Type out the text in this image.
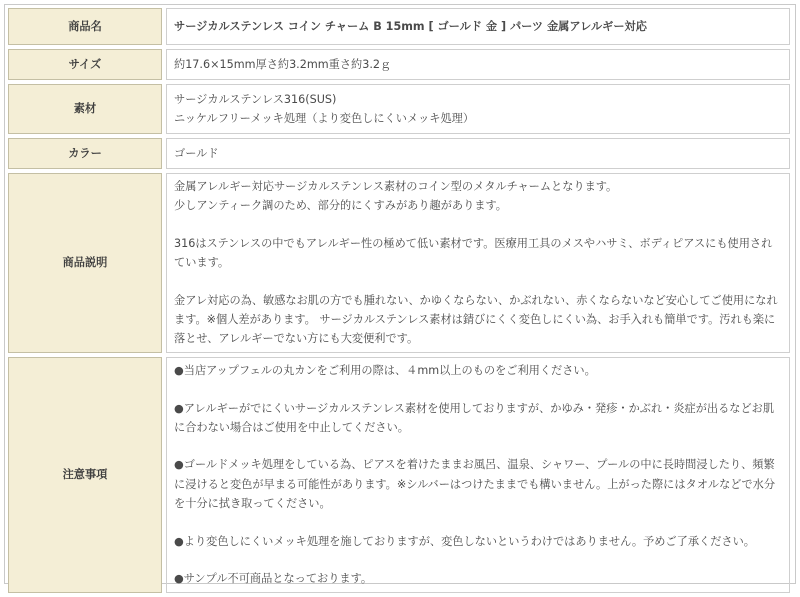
商品名	サージカルステンレス コイン チャーム B 15mm [ ゴールド 金 ] パーツ 金属アレルギー対応
サイズ	約17.6×15mm厚さ約3.2mm重さ約3.2ｇ
素材	サージカルステンレス316(SUS)
ニッケルフリーメッキ処理（より変色しにくいメッキ処理）

カラー	ゴールド
商品説明	金属アレルギー対応サージカルステンレス素材のコイン型のメタルチャームとなります。
少しアンティーク調のため、部分的にくすみがあり趣があります。
316はステンレスの中でもアレルギー性の極めて低い素材です。医療用工具のメスやハサミ、ボディピアスにも使用されています。
金アレ対応の為、敏感なお肌の方でも腫れない、かゆくならない、かぶれない、赤くならないなど安心してご使用になれます。※個人差があります。 サージカルステンレス素材は錆びにくく変色しにくい為、お手入れも簡単です。汚れも楽に落とせ、アレルギーでない方にも大変便利です。

注意事項	●当店アップフェルの丸カンをご利用の際は、４mm以上のものをご利用ください。
●アレルギーがでにくいサージカルステンレス素材を使用しておりますが、かゆみ・発疹・かぶれ・炎症が出るなどお肌に合わない場合はご使用を中止してください。
●ゴールドメッキ処理をしている為、ピアスを着けたままお風呂、温泉、シャワー、プールの中に長時間浸したり、頻繁に浸けると変色が早まる可能性があります。※シルバーはつけたままでも構いません。上がった際にはタオルなどで水分を十分に拭き取ってください。
●より変色しにくいメッキ処理を施しておりますが、変色しないというわけではありません。予めご了承ください。
●サンプル不可商品となっております。
